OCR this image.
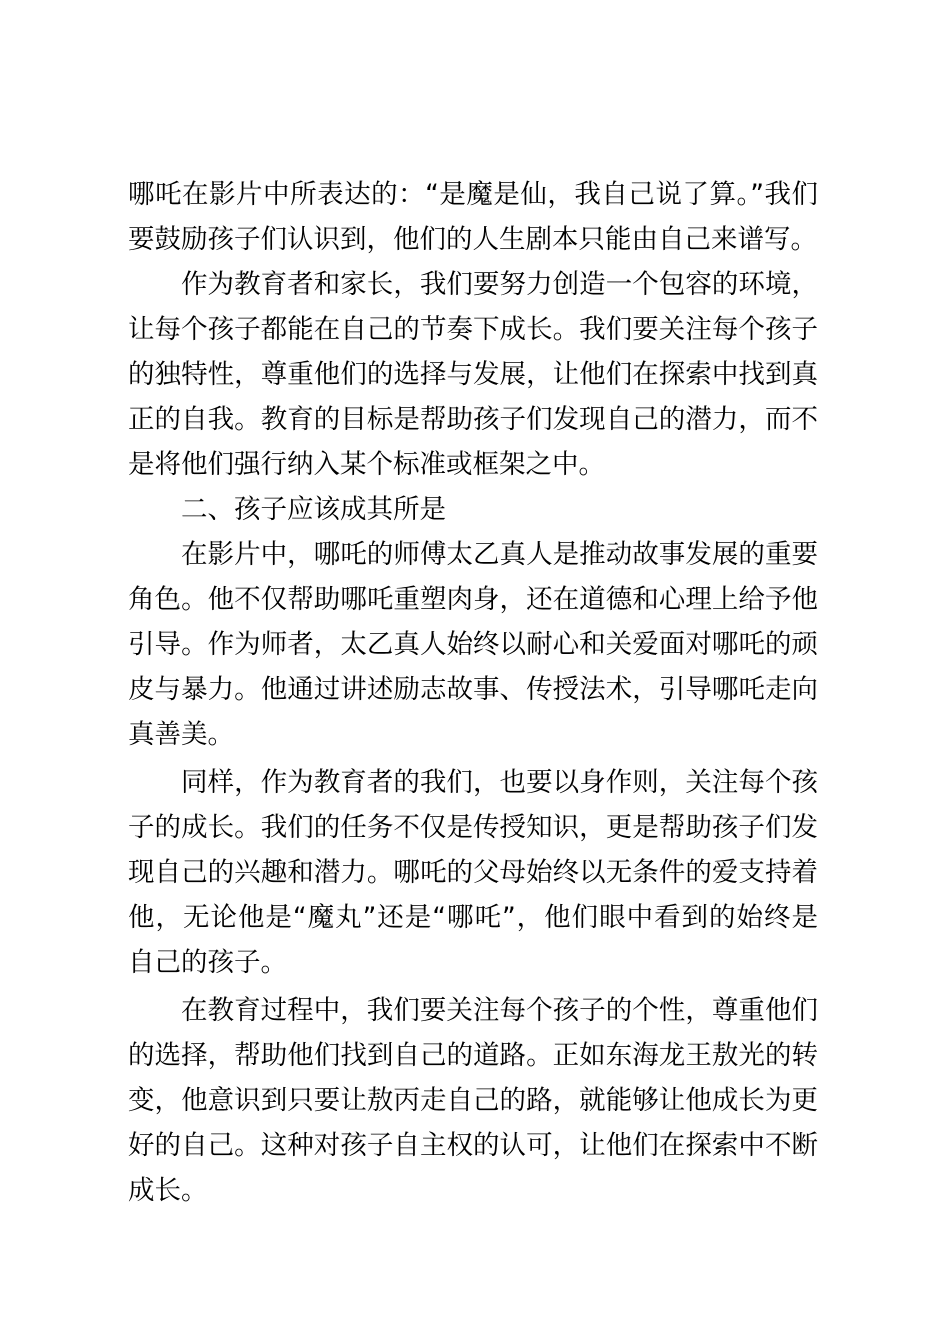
哪吒在影片中所表达的：“是魔是仙，我自己说了算。”我们要鼓励孩子们认识到，他们的人生剧本只能由自己来谱写。

作为教育者和家长，我们要努力创造一个包容的环境，让每个孩子都能在自己的节奏下成长。我们要关注每个孩子的独特性，尊重他们的选择与发展，让他们在探索中找到真正的自我。教育的目标是帮助孩子们发现自己的潜力，而不是将他们强行纳入某个标准或框架之中。

二、孩子应该成其所是

在影片中，哪吒的师傅太乙真人是推动故事发展的重要角色。他不仅帮助哪吒重塑肉身，还在道德和心理上给予他引导。作为师者，太乙真人始终以耐心和关爱面对哪吒的顽皮与暴力。他通过讲述励志故事、传授法术，引导哪吒走向真善美。

同样，作为教育者的我们，也要以身作则，关注每个孩子的成长。我们的任务不仅是传授知识，更是帮助孩子们发现自己的兴趣和潜力。哪吒的父母始终以无条件的爱支持着他，无论他是“魔丸”还是“哪吒”，他们眼中看到的始终是自己的孩子。

在教育过程中，我们要关注每个孩子的个性，尊重他们的选择，帮助他们找到自己的道路。正如东海龙王敖光的转变，他意识到只要让敖丙走自己的路，就能够让他成长为更好的自己。这种对孩子自主权的认可，让他们在探索中不断成长。
